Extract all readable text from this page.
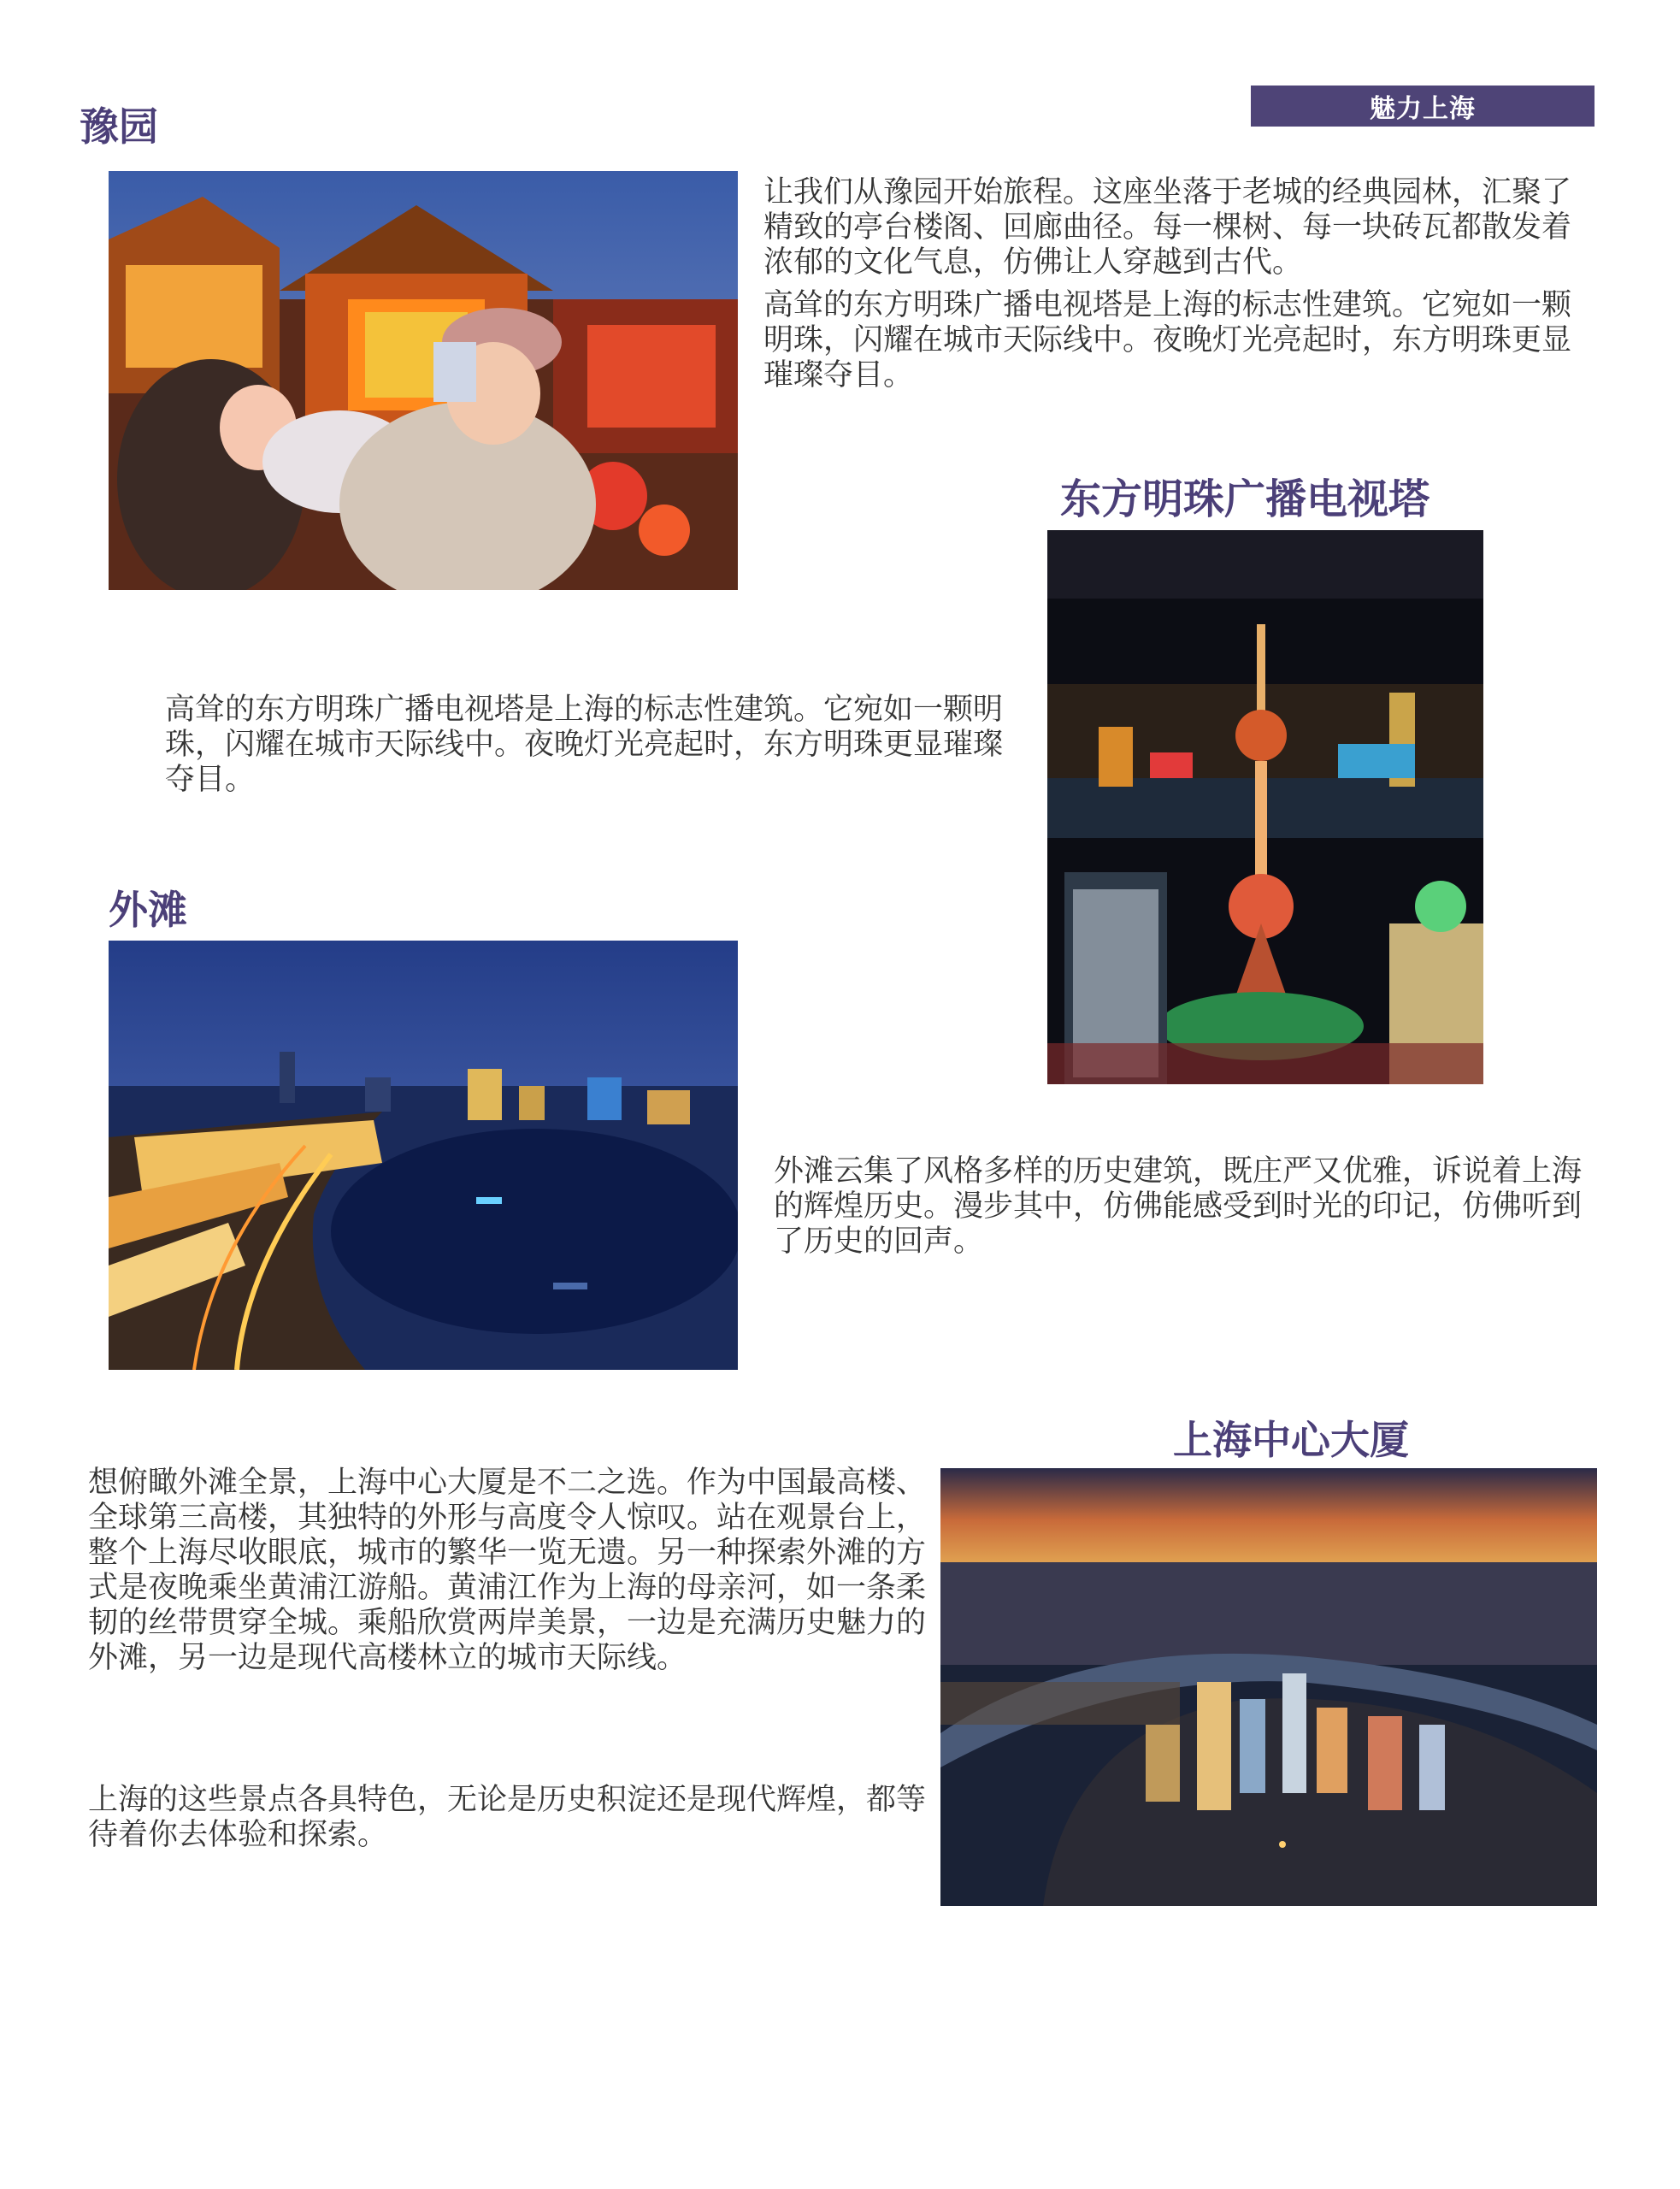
魅力上海
豫园
让我们从豫园开始旅程。这座坐落于老城的经典园林，汇聚了精致的亭台楼阁、回廊曲径。每一棵树、每一块砖瓦都散发着浓郁的文化气息，仿佛让人穿越到古代。
高耸的东方明珠广播电视塔是上海的标志性建筑。它宛如一颗明珠，闪耀在城市天际线中。夜晚灯光亮起时，东方明珠更显璀璨夺目。
东方明珠广播电视塔
高耸的东方明珠广播电视塔是上海的标志性建筑。它宛如一颗明珠，闪耀在城市天际线中。夜晚灯光亮起时，东方明珠更显璀璨夺目。
外滩
外滩云集了风格多样的历史建筑，既庄严又优雅，诉说着上海的辉煌历史。漫步其中，仿佛能感受到时光的印记，仿佛听到了历史的回声。
上海中心大厦
想俯瞰外滩全景，上海中心大厦是不二之选。作为中国最高楼、全球第三高楼，其独特的外形与高度令人惊叹。站在观景台上，整个上海尽收眼底，城市的繁华一览无遗。另一种探索外滩的方式是夜晚乘坐黄浦江游船。黄浦江作为上海的母亲河，如一条柔韧的丝带贯穿全城。乘船欣赏两岸美景，一边是充满历史魅力的外滩，另一边是现代高楼林立的城市天际线。
上海的这些景点各具特色，无论是历史积淀还是现代辉煌，都等待着你去体验和探索。
